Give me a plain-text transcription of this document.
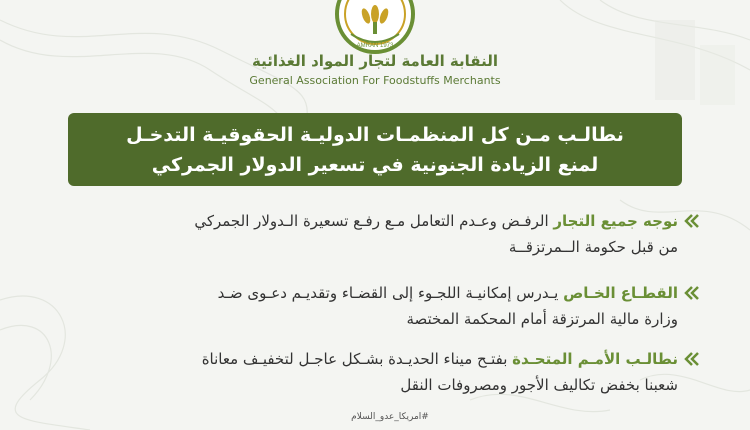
AMRAN 1973
النقابة العامة لتجار المواد الغذائية
General Association For Foodstuffs Merchants
نطالـب مـن كل المنظمـات الدوليـة الحقوقيـة التدخـل
لمنع الزيادة الجنونية في تسعير الدولار الجمركي
نوجه جميع التجار الرفـض وعـدم التعامل مـع رفـع تسعيرة الـدولار الجمركي
من قبل حكومة الــمرتزقــة
القطـاع الخـاص يـدرس إمكانيـة اللجـوء إلى القضـاء وتقديـم دعـوى ضـد
وزارة مالية المرتزقة أمام المحكمة المختصة
نطالـب الأمـم المتحـدة بفتـح ميناء الحديـدة بشـكل عاجـل لتخفيـف معاناة
شعبنا بخفض تكاليف الأجور ومصروفات النقل
#امريكا_عدو_السلام
